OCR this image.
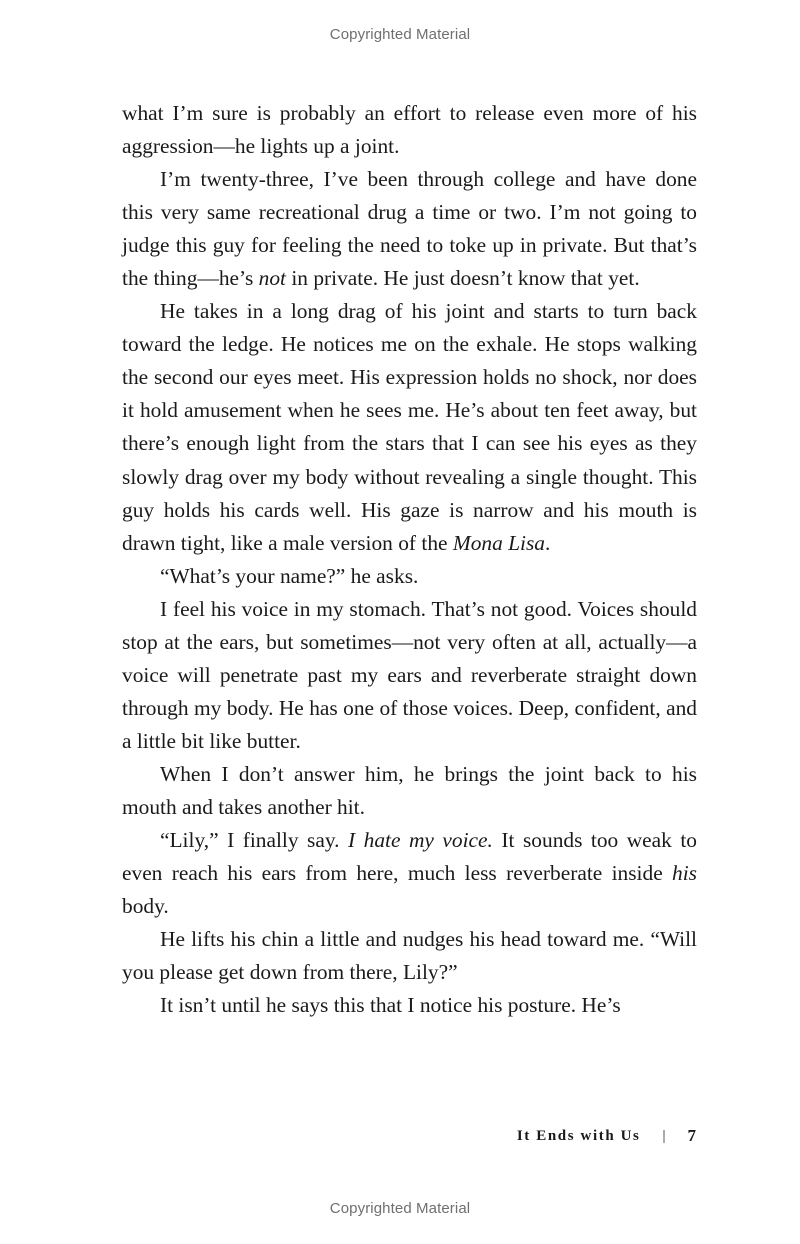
Copyrighted Material

what I’m sure is probably an effort to release even more of his aggression—he lights up a joint.

I’m twenty-three, I’ve been through college and have done this very same recreational drug a time or two. I’m not going to judge this guy for feeling the need to toke up in private. But that’s the thing—he’s not in private. He just doesn’t know that yet.

He takes in a long drag of his joint and starts to turn back toward the ledge. He notices me on the exhale. He stops walking the second our eyes meet. His expression holds no shock, nor does it hold amusement when he sees me. He’s about ten feet away, but there’s enough light from the stars that I can see his eyes as they slowly drag over my body without revealing a single thought. This guy holds his cards well. His gaze is narrow and his mouth is drawn tight, like a male version of the Mona Lisa.

“What’s your name?” he asks.

I feel his voice in my stomach. That’s not good. Voices should stop at the ears, but sometimes—not very often at all, actually—a voice will penetrate past my ears and reverberate straight down through my body. He has one of those voices. Deep, confident, and a little bit like butter.

When I don’t answer him, he brings the joint back to his mouth and takes another hit.

“Lily,” I finally say. I hate my voice. It sounds too weak to even reach his ears from here, much less reverberate inside his body.

He lifts his chin a little and nudges his head toward me. “Will you please get down from there, Lily?”

It isn’t until he says this that I notice his posture. He’s

It Ends with Us | 7
Copyrighted Material
